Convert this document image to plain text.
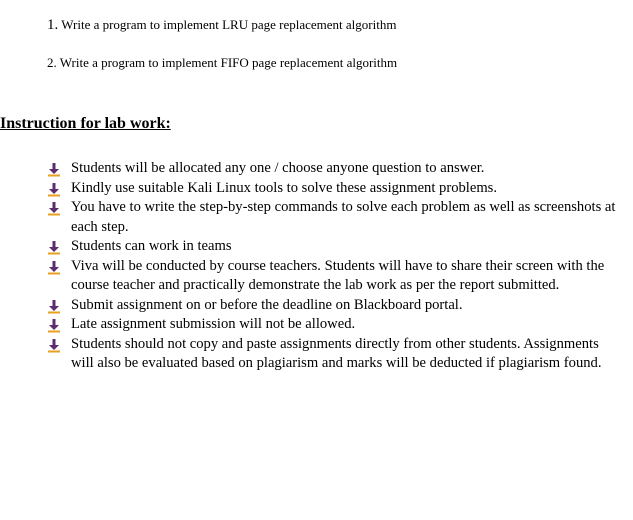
1. Write a program to implement LRU page replacement algorithm
2. Write a program to implement FIFO page replacement algorithm
Instruction for lab work:
Students will be allocated any one / choose anyone question to answer.
Kindly use suitable Kali Linux tools to solve these assignment problems.
You have to write the step-by-step commands to solve each problem as well as screenshots at each step.
Students can work in teams
Viva will be conducted by course teachers. Students will have to share their screen with the course teacher and practically demonstrate the lab work as per the report submitted.
Submit assignment on or before the deadline on Blackboard portal.
Late assignment submission will not be allowed.
Students should not copy and paste assignments directly from other students. Assignments will also be evaluated based on plagiarism and marks will be deducted if plagiarism found.
